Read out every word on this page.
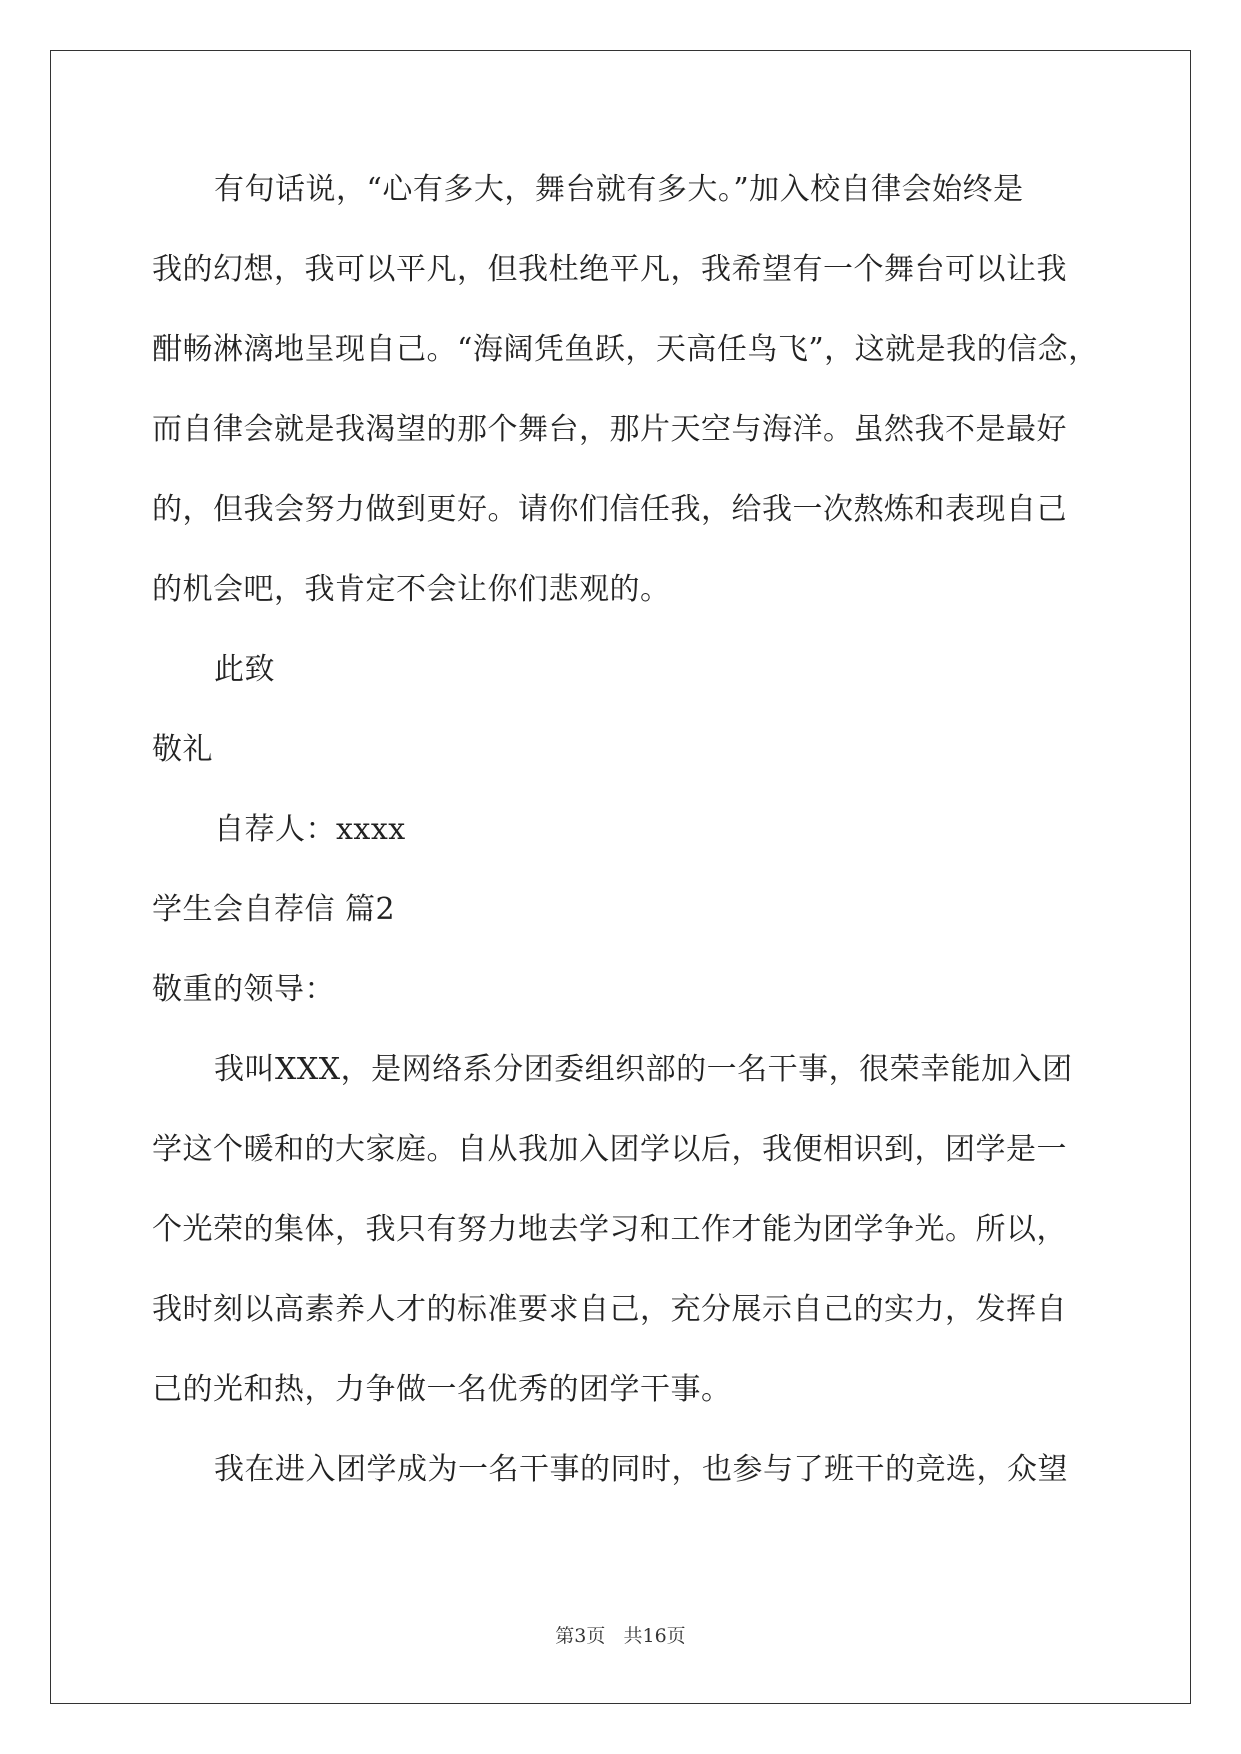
有句话说，“心有多大，舞台就有多大。”加入校自律会始终是
我的幻想，我可以平凡，但我杜绝平凡，我希望有一个舞台可以让我
酣畅淋漓地呈现自己。“海阔凭鱼跃，天高任鸟飞”，这就是我的信念，
而自律会就是我渴望的那个舞台，那片天空与海洋。虽然我不是最好
的，但我会努力做到更好。请你们信任我，给我一次熬炼和表现自己
的机会吧，我肯定不会让你们悲观的。
此致
敬礼
自荐人：xxxx
学生会自荐信 篇2
敬重的领导：
我叫XXX，是网络系分团委组织部的一名干事，很荣幸能加入团
学这个暖和的大家庭。自从我加入团学以后，我便相识到，团学是一
个光荣的集体，我只有努力地去学习和工作才能为团学争光。所以，
我时刻以高素养人才的标准要求自己，充分展示自己的实力，发挥自
己的光和热，力争做一名优秀的团学干事。
我在进入团学成为一名干事的同时，也参与了班干的竞选，众望
第3页   共16页
